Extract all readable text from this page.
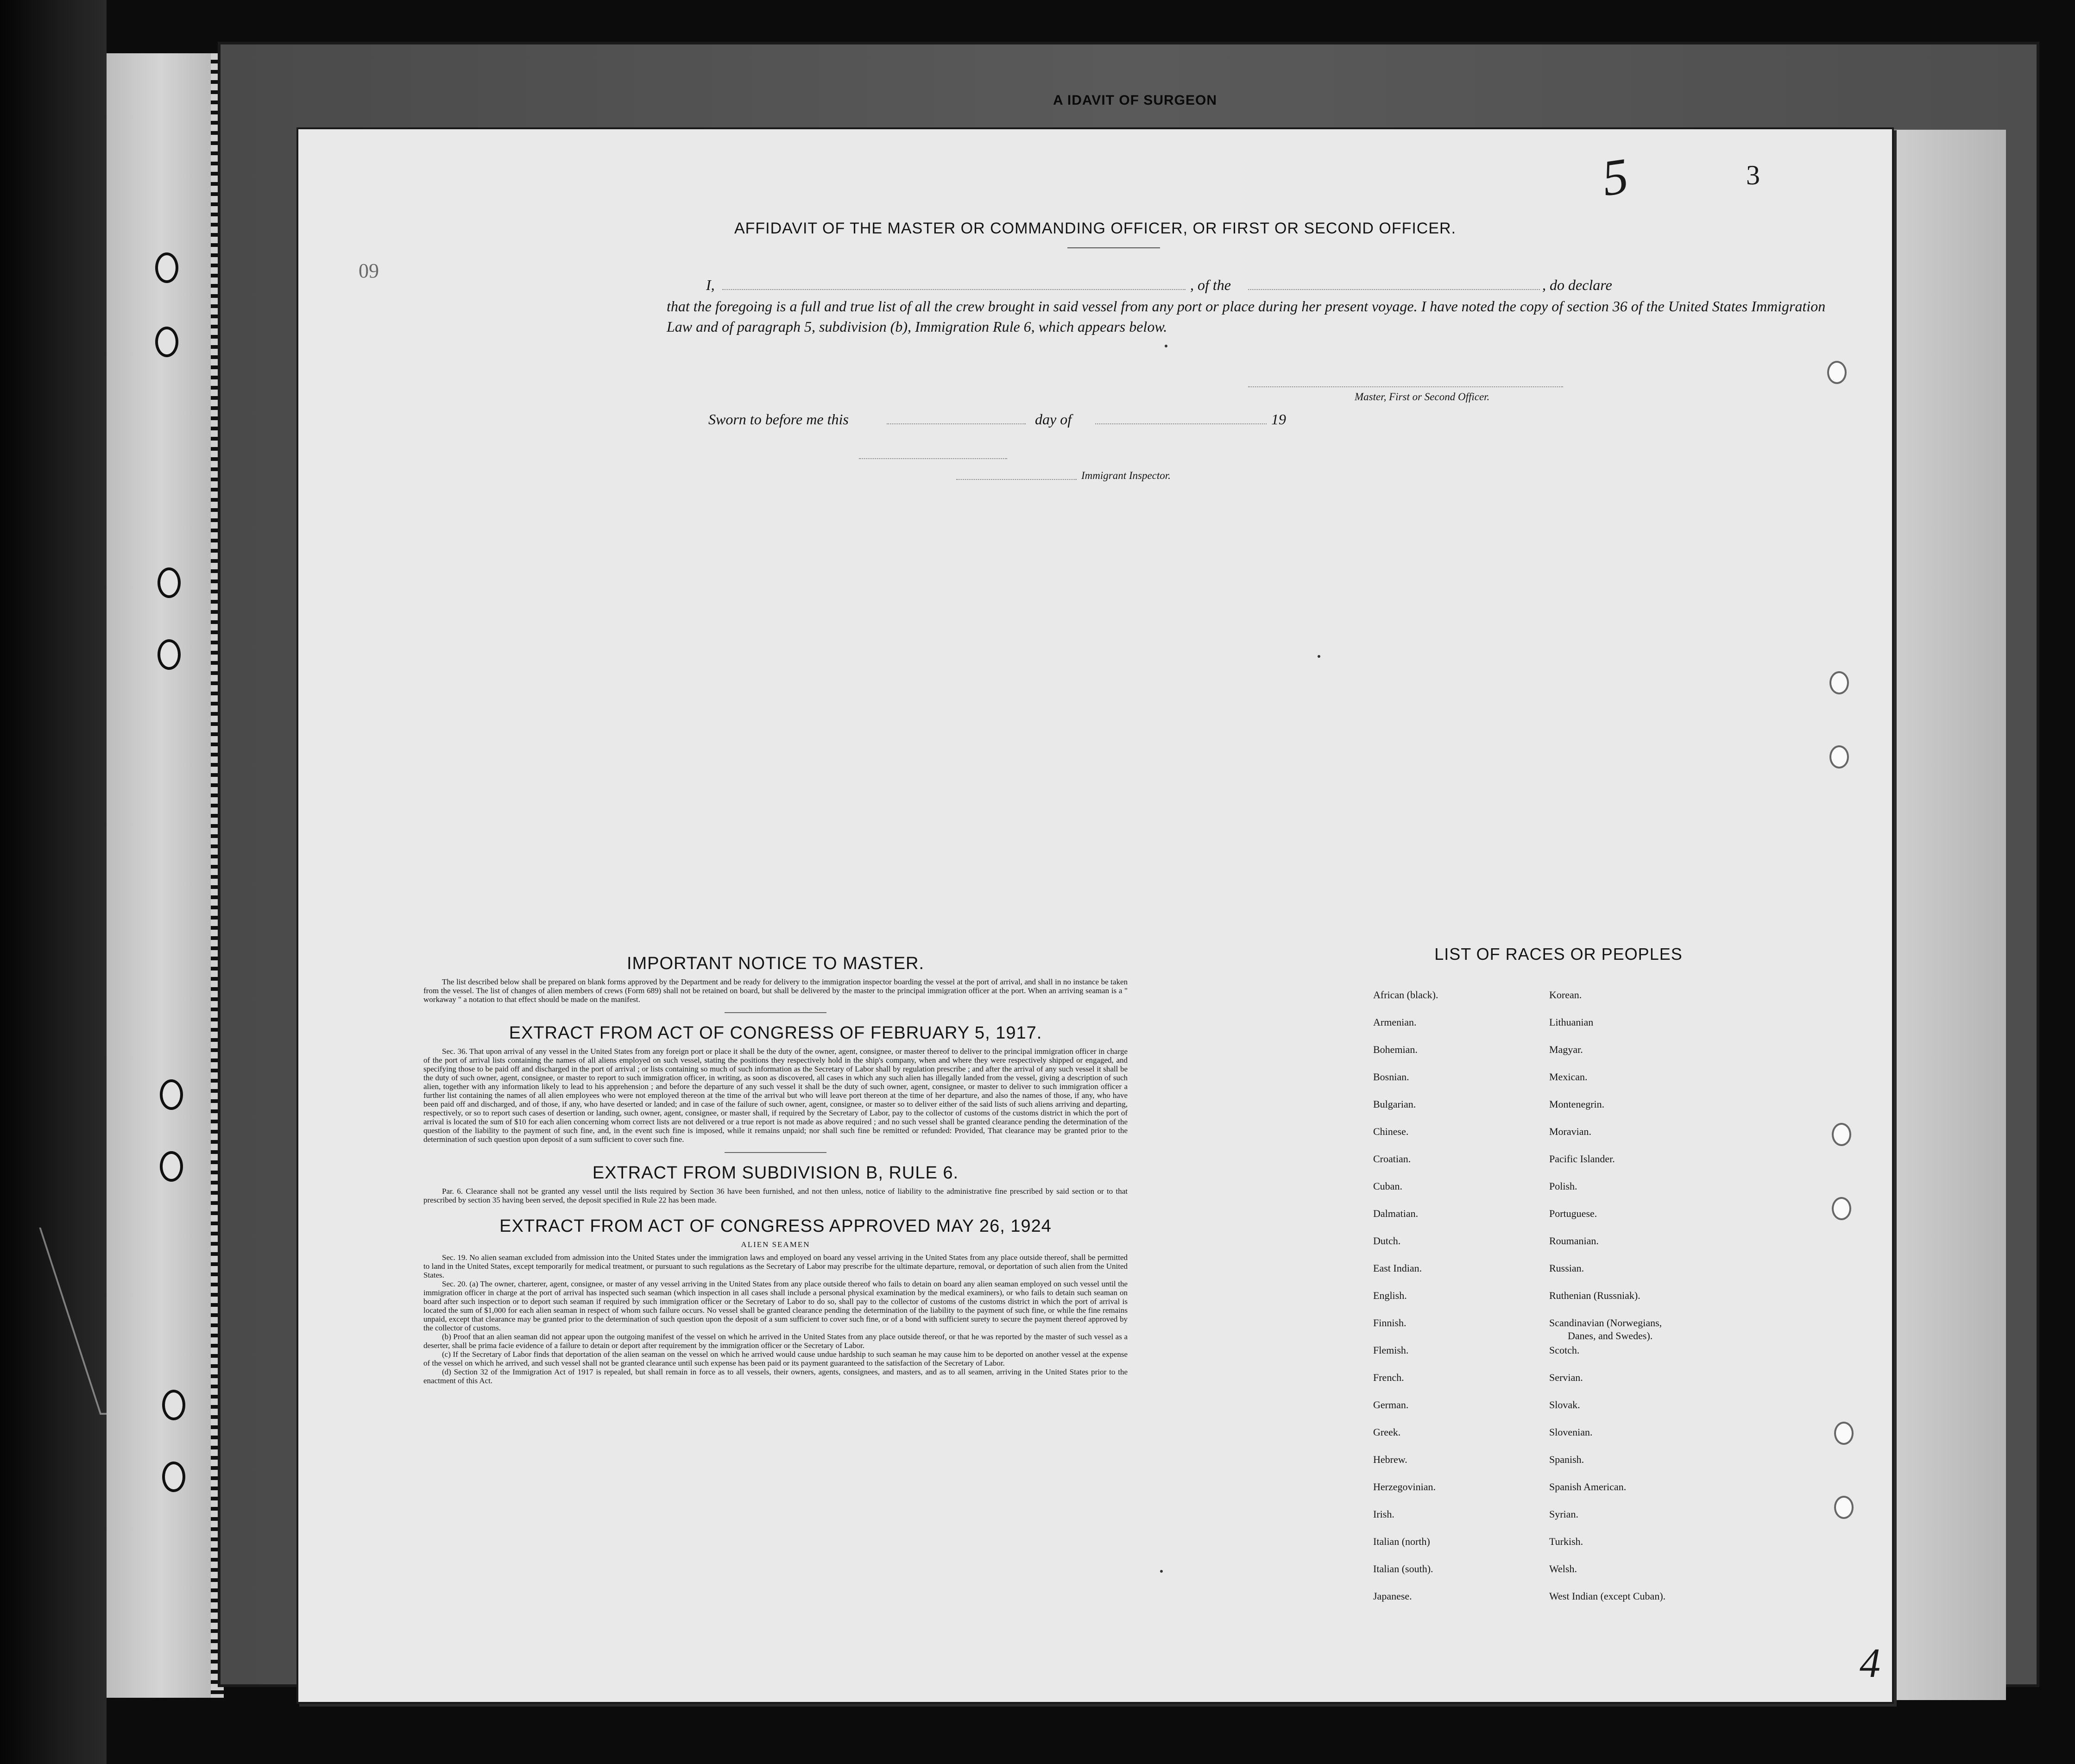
A IDAVIT OF SURGEON
5	3
4
09
AFFIDAVIT OF THE MASTER OR COMMANDING OFFICER, OR FIRST OR SECOND OFFICER.
I,	, of the	, do declare
that the foregoing is a full and true list of all the crew brought in said vessel from any port or place during her present voyage. I have noted the copy of section 36 of the United States Immigration Law and of paragraph 5, subdivision (b), Immigration Rule 6, which appears below.
Master, First or Second Officer.
Sworn to before me this	day of	19
Immigrant Inspector.
IMPORTANT NOTICE TO MASTER.

The list described below shall be prepared on blank forms approved by the Department and be ready for delivery to the immigration inspector boarding the vessel at the port of arrival, and shall in no instance be taken from the vessel. The list of changes of alien members of crews (Form 689) shall not be retained on board, but shall be delivered by the master to the principal immigration officer at the port. When an arriving seaman is a " workaway " a notation to that effect should be made on the manifest.

EXTRACT FROM ACT OF CONGRESS OF FEBRUARY 5, 1917.

Sec. 36. That upon arrival of any vessel in the United States from any foreign port or place it shall be the duty of the owner, agent, consignee, or master thereof to deliver to the principal immigration officer in charge of the port of arrival lists containing the names of all aliens employed on such vessel, stating the positions they respectively hold in the ship's company, when and where they were respectively shipped or engaged, and specifying those to be paid off and discharged in the port of arrival ; or lists containing so much of such information as the Secretary of Labor shall by regulation prescribe ; and after the arrival of any such vessel it shall be the duty of such owner, agent, consignee, or master to report to such immigration officer, in writing, as soon as discovered, all cases in which any such alien has illegally landed from the vessel, giving a description of such alien, together with any information likely to lead to his apprehension ; and before the departure of any such vessel it shall be the duty of such owner, agent, consignee, or master to deliver to such immigration officer a further list containing the names of all alien employees who were not employed thereon at the time of the arrival but who will leave port thereon at the time of her departure, and also the names of those, if any, who have been paid off and discharged, and of those, if any, who have deserted or landed; and in case of the failure of such owner, agent, consignee, or master so to deliver either of the said lists of such aliens arriving and departing, respectively, or so to report such cases of desertion or landing, such owner, agent, consignee, or master shall, if required by the Secretary of Labor, pay to the collector of customs of the customs district in which the port of arrival is located the sum of $10 for each alien concerning whom correct lists are not delivered or a true report is not made as above required ; and no such vessel shall be granted clearance pending the determination of the question of the liability to the payment of such fine, and, in the event such fine is imposed, while it remains unpaid; nor shall such fine be remitted or refunded: Provided, That clearance may be granted prior to the determination of such question upon deposit of a sum sufficient to cover such fine.

EXTRACT FROM SUBDIVISION B, RULE 6.

Par. 6. Clearance shall not be granted any vessel until the lists required by Section 36 have been furnished, and not then unless, notice of liability to the administrative fine prescribed by said section or to that prescribed by section 35 having been served, the deposit specified in Rule 22 has been made.

EXTRACT FROM ACT OF CONGRESS APPROVED MAY 26, 1924
ALIEN SEAMEN

Sec. 19. No alien seaman excluded from admission into the United States under the immigration laws and employed on board any vessel arriving in the United States from any place outside thereof, shall be permitted to land in the United States, except temporarily for medical treatment, or pursuant to such regulations as the Secretary of Labor may prescribe for the ultimate departure, removal, or deportation of such alien from the United States.

Sec. 20. (a) The owner, charterer, agent, consignee, or master of any vessel arriving in the United States from any place outside thereof who fails to detain on board any alien seaman employed on such vessel until the immigration officer in charge at the port of arrival has inspected such seaman (which inspection in all cases shall include a personal physical examination by the medical examiners), or who fails to detain such seaman on board after such inspection or to deport such seaman if required by such immigration officer or the Secretary of Labor to do so, shall pay to the collector of customs of the customs district in which the port of arrival is located the sum of $1,000 for each alien seaman in respect of whom such failure occurs. No vessel shall be granted clearance pending the determination of the liability to the payment of such fine, or while the fine remains unpaid, except that clearance may be granted prior to the determination of such question upon the deposit of a sum sufficient to cover such fine, or of a bond with sufficient surety to secure the payment thereof approved by the collector of customs.

(b) Proof that an alien seaman did not appear upon the outgoing manifest of the vessel on which he arrived in the United States from any place outside thereof, or that he was reported by the master of such vessel as a deserter, shall be prima facie evidence of a failure to detain or deport after requirement by the immigration officer or the Secretary of Labor.

(c) If the Secretary of Labor finds that deportation of the alien seaman on the vessel on which he arrived would cause undue hardship to such seaman he may cause him to be deported on another vessel at the expense of the vessel on which he arrived, and such vessel shall not be granted clearance until such expense has been paid or its payment guaranteed to the satisfaction of the Secretary of Labor.

(d) Section 32 of the Immigration Act of 1917 is repealed, but shall remain in force as to all vessels, their owners, agents, consignees, and masters, and as to all seamen, arriving in the United States prior to the enactment of this Act.

LIST OF RACES OR PEOPLES
African (black).	Korean.
Armenian.	Lithuanian
Bohemian.	Magyar.
Bosnian.	Mexican.
Bulgarian.	Montenegrin.
Chinese.	Moravian.
Croatian.	Pacific Islander.
Cuban.	Polish.
Dalmatian.	Portuguese.
Dutch.	Roumanian.
East Indian.	Russian.
English.	Ruthenian (Russniak).
Finnish.	Scandinavian (Norwegians,
Danes, and Swedes).
Flemish.	Scotch.
French.	Servian.
German.	Slovak.
Greek.	Slovenian.
Hebrew.	Spanish.
Herzegovinian.	Spanish American.
Irish.	Syrian.
Italian (north)	Turkish.
Italian (south).	Welsh.
Japanese.	West Indian (except Cuban).
